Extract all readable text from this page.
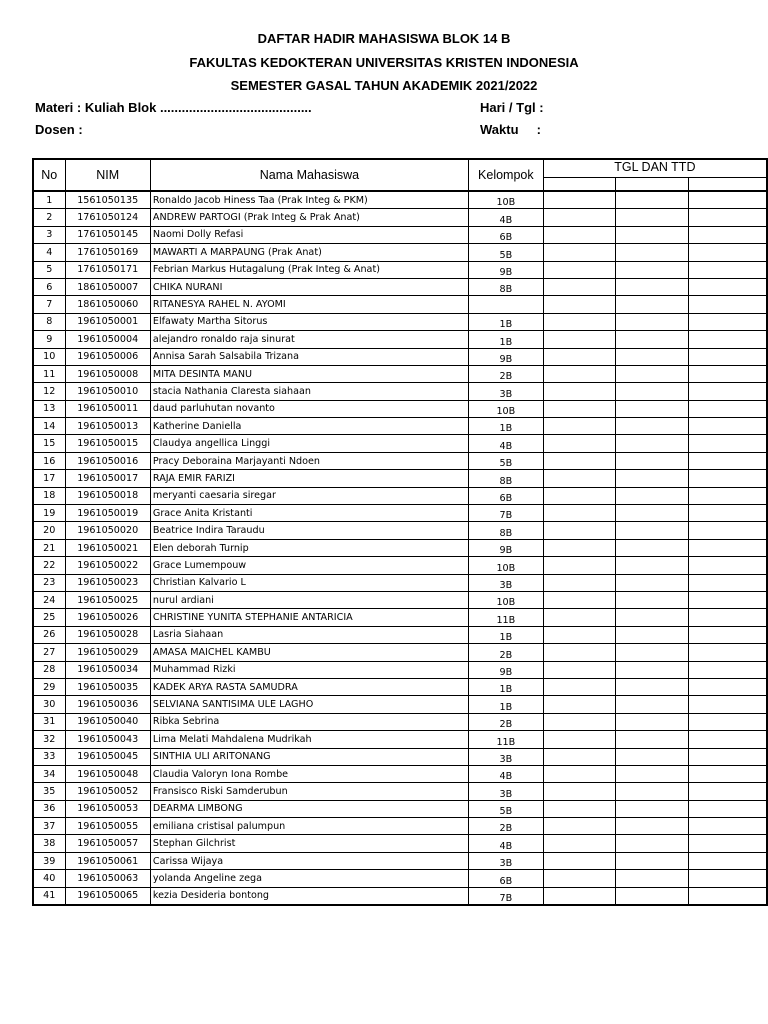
DAFTAR HADIR MAHASISWA BLOK 14 B
FAKULTAS KEDOKTERAN UNIVERSITAS KRISTEN INDONESIA
SEMESTER GASAL TAHUN AKADEMIK 2021/2022
Materi : Kuliah Blok ..........................................	Hari / Tgl :
Dosen :	Waktu     :
No	NIM	Nama Mahasiswa	Kelompok	TGL DAN TTD		

1	1561050135	Ronaldo Jacob Hiness Taa (Prak Integ & PKM)	10B			
2	1761050124	ANDREW PARTOGI (Prak Integ & Prak Anat)	4B			
3	1761050145	Naomi Dolly Refasi	6B			
4	1761050169	MAWARTI A MARPAUNG (Prak Anat)	5B			
5	1761050171	Febrian Markus Hutagalung (Prak Integ & Anat)	9B			
6	1861050007	CHIKA NURANI	8B			
7	1861050060	RITANESYA RAHEL N. AYOMI				
8	1961050001	Elfawaty Martha Sitorus	1B			
9	1961050004	alejandro ronaldo raja sinurat	1B			
10	1961050006	Annisa Sarah Salsabila Trizana	9B			
11	1961050008	MITA DESINTA MANU	2B			
12	1961050010	stacia Nathania Claresta siahaan	3B			
13	1961050011	daud parluhutan novanto	10B			
14	1961050013	Katherine Daniella	1B			
15	1961050015	Claudya angellica Linggi	4B			
16	1961050016	Pracy Deboraina Marjayanti Ndoen	5B			
17	1961050017	RAJA EMIR FARIZI	8B			
18	1961050018	meryanti caesaria siregar	6B			
19	1961050019	Grace Anita Kristanti	7B			
20	1961050020	Beatrice Indira Taraudu	8B			
21	1961050021	Elen deborah Turnip	9B			
22	1961050022	Grace Lumempouw	10B			
23	1961050023	Christian Kalvario L	3B			
24	1961050025	nurul ardiani	10B			
25	1961050026	CHRISTINE YUNITA STEPHANIE ANTARICIA	11B			
26	1961050028	Lasria Siahaan	1B			
27	1961050029	AMASA MAICHEL KAMBU	2B			
28	1961050034	Muhammad Rizki	9B			
29	1961050035	KADEK ARYA RASTA SAMUDRA	1B			
30	1961050036	SELVIANA SANTISIMA ULE LAGHO	1B			
31	1961050040	Ribka Sebrina	2B			
32	1961050043	Lima Melati Mahdalena Mudrikah	11B			
33	1961050045	SINTHIA ULI ARITONANG	3B			
34	1961050048	Claudia Valoryn Iona Rombe	4B			
35	1961050052	Fransisco Riski Samderubun	3B			
36	1961050053	DEARMA LIMBONG	5B			
37	1961050055	emiliana cristisal palumpun	2B			
38	1961050057	Stephan Gilchrist	4B			
39	1961050061	Carissa Wijaya	3B			
40	1961050063	yolanda Angeline zega	6B			
41	1961050065	kezia Desideria bontong	7B			
